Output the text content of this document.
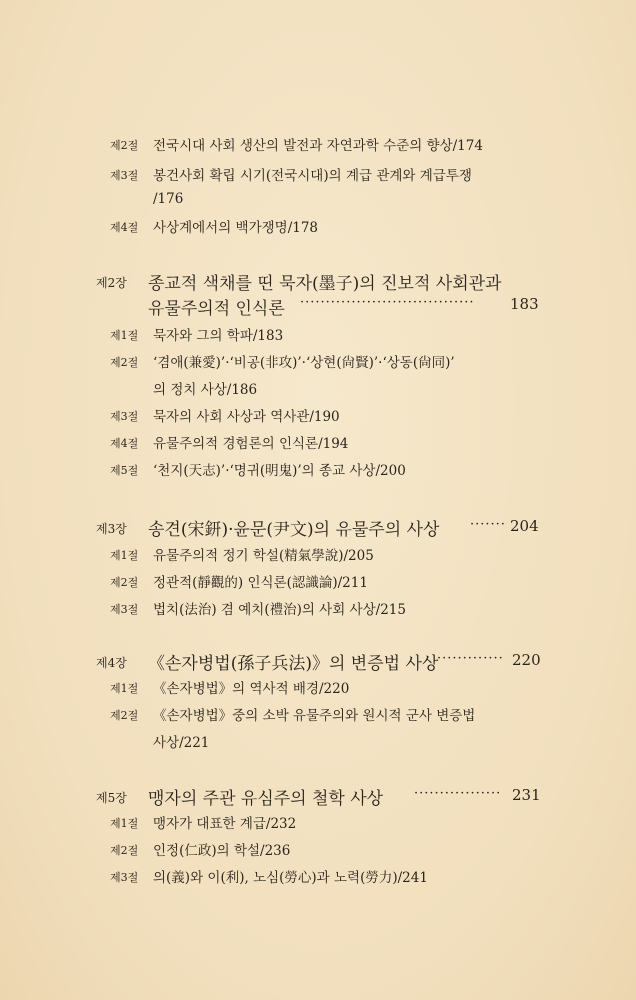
제2절 전국시대 사회 생산의 발전과 자연과학 수준의 향상/174
제3절 봉건사회 확립 시기(전국시대)의 계급 관계와 계급투쟁
/176
제4절 사상계에서의 백가쟁명/178
제2장 종교적 색채를 띤 묵자(墨子)의 진보적 사회관과
유물주의적 인식론 ·································· 183
제1절 묵자와 그의 학파/183
제2절 ‘겸애(兼愛)’·‘비공(非攻)’·‘상현(尙賢)’·‘상동(尙同)’
의 정치 사상/186
제3절 묵자의 사회 사상과 역사관/190
제4절 유물주의적 경험론의 인식론/194
제5절 ‘천지(天志)’·‘명귀(明鬼)’의 종교 사상/200
제3장 송견(宋鈃)·윤문(尹文)의 유물주의 사상 ······· 204
제1절 유물주의적 정기 학설(精氣學說)/205
제2절 정관적(靜觀的) 인식론(認識論)/211
제3절 법치(法治) 겸 예치(禮治)의 사회 사상/215
제4장 《손자병법(孫子兵法)》의 변증법 사상
············· 220
제1절 《손자병법》의 역사적 배경/220
제2절 《손자병법》중의 소박 유물주의와 원시적 군사 변증법
사상/221
제5장 맹자의 주관 유심주의 철학 사상 ················· 231
제1절 맹자가 대표한 계급/232
제2절 인정(仁政)의 학설/236
제3절 의(義)와 이(利), 노심(勞心)과 노력(勞力)/241
